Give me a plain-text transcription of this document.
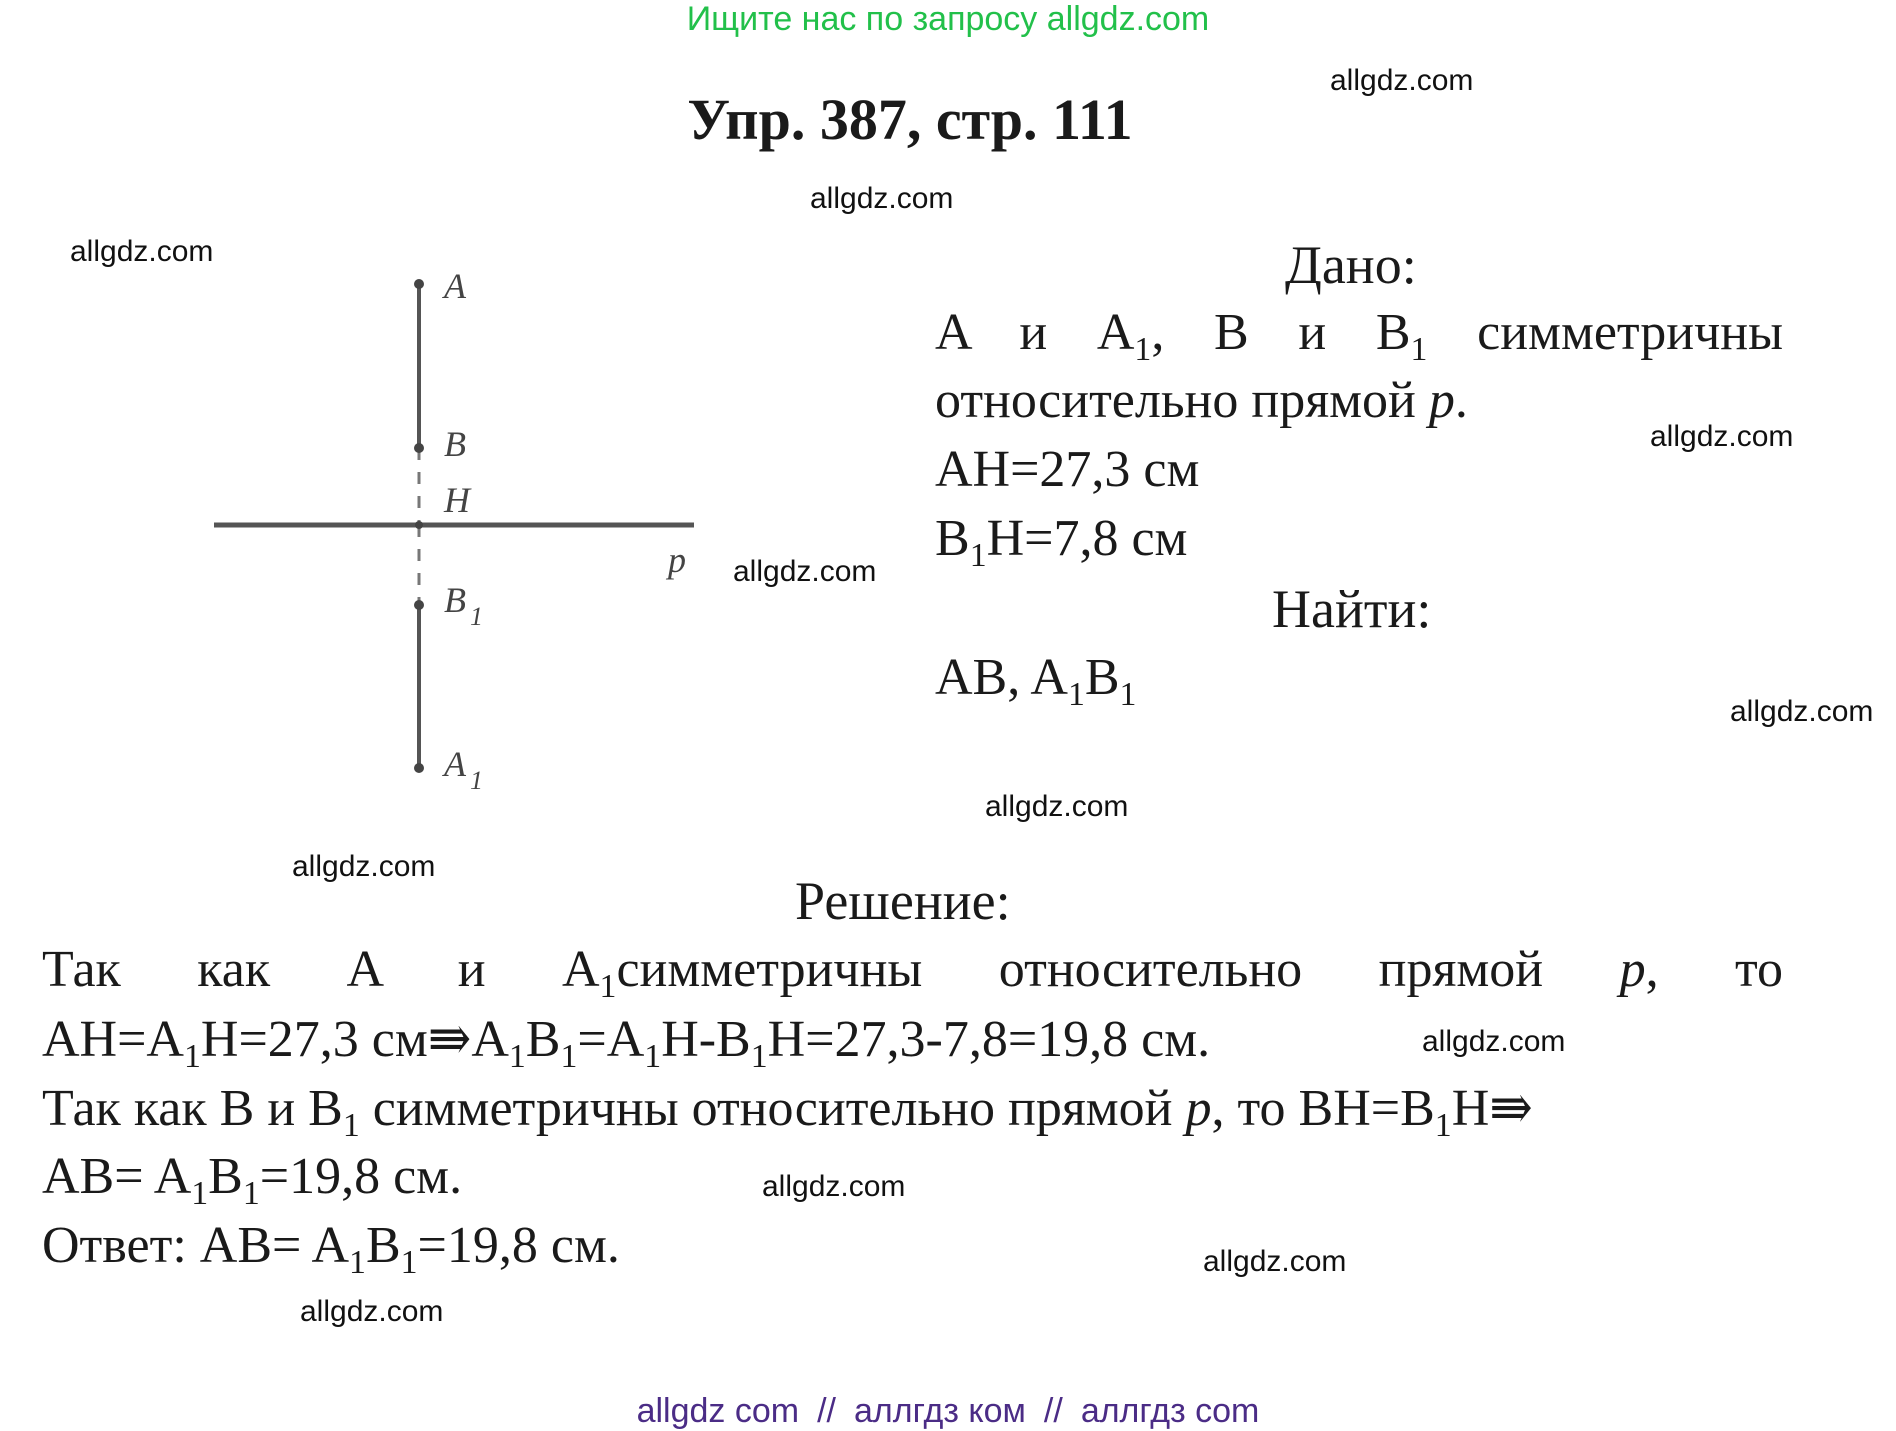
Ищите нас по запросу allgdz.com
Упр. 387, стр. 111
allgdz.com
allgdz.com
allgdz.com
allgdz.com
allgdz.com
allgdz.com
allgdz.com
allgdz.com
allgdz.com
allgdz.com
allgdz.com
allgdz.com
A
B
H
p
B 1
A 1
Дано:
A и $A_1$, B и $B_1$ симметричны
относительно прямой p.
AH=27,3 см
$B_1H=7,8$ см
Найти:
AB, $A_1B_1$
Решение:
Так как A и $A_1симметричны$ относительно прямой p, то
$AH=A_1H=27,3$ $см⇛A_1B_1=A_1H-B_1H=27,3-7,8=19,8$ см.
Так как B и $B_1$ симметричны относительно прямой p, то $BH=B_1H⇛$
$AB= A_1B_1=19,8$ см.
Ответ: $AB= A_1B_1=19,8$ см.
allgdz com // аллгдз ком // аллгдз com
